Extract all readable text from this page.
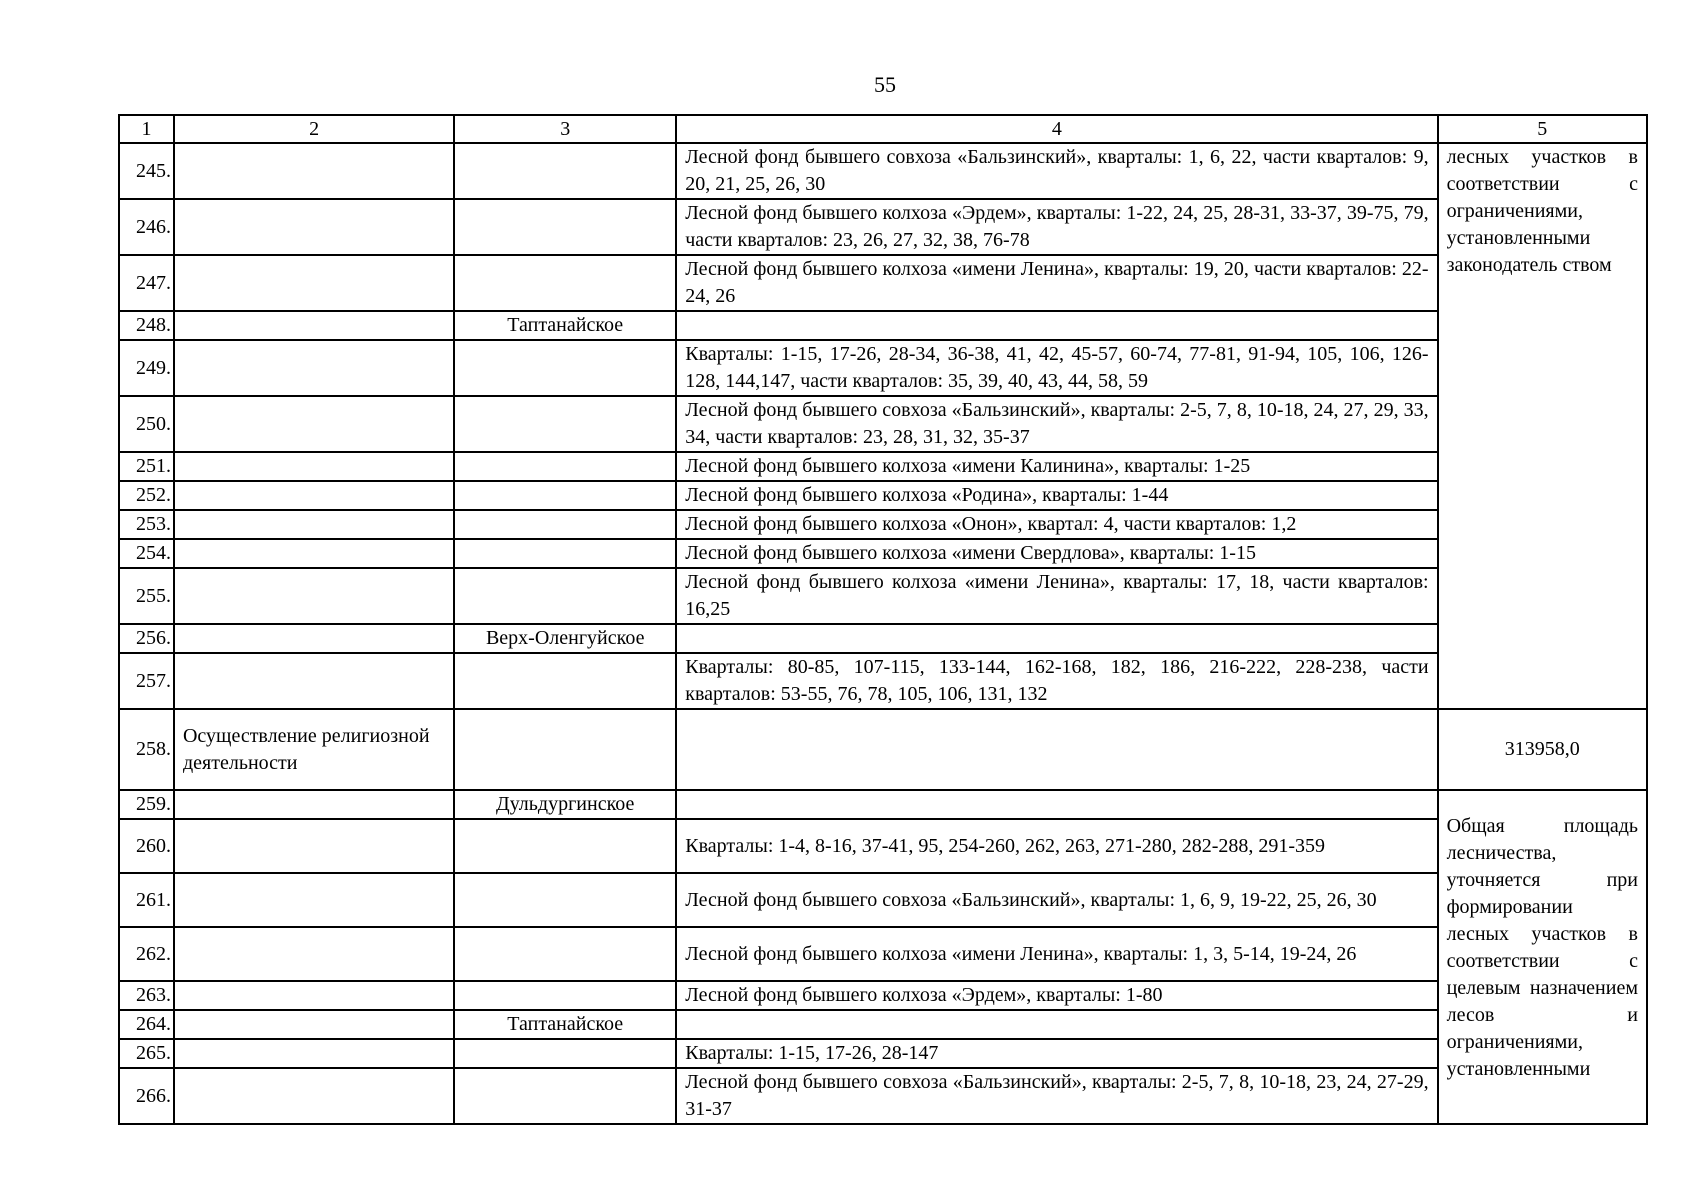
55
1	2	3	4	5
245.			Лесной фонд бывшего совхоза «Бальзинский», кварталы: 1, 6, 22, части кварталов: 9, 20, 21, 25, 26, 30	лесных участков в соответствии с ограничениями, установленными законодатель ством
246.			Лесной фонд бывшего колхоза «Эрдем», кварталы: 1-22, 24, 25, 28-31, 33-37, 39-75, 79, части кварталов: 23, 26, 27, 32, 38, 76-78	
247.			Лесной фонд бывшего колхоза «имени Ленина», кварталы: 19, 20, части кварталов: 22-24, 26	
248.		Таптанайское		
249.			Кварталы: 1-15, 17-26, 28-34, 36-38, 41, 42, 45-57, 60-74, 77-81, 91-94, 105, 106, 126-128, 144,147, части кварталов: 35, 39, 40, 43, 44, 58, 59	
250.			Лесной фонд бывшего совхоза «Бальзинский», кварталы: 2-5, 7, 8, 10-18, 24, 27, 29, 33, 34, части кварталов: 23, 28, 31, 32, 35-37	
251.			Лесной фонд бывшего колхоза «имени Калинина», кварталы: 1-25	
252.			Лесной фонд бывшего колхоза «Родина», кварталы: 1-44	
253.			Лесной фонд бывшего колхоза «Онон», квартал: 4, части кварталов: 1,2	
254.			Лесной фонд бывшего колхоза «имени Свердлова», кварталы: 1-15	
255.			Лесной фонд бывшего колхоза «имени Ленина», кварталы: 17, 18, части кварталов: 16,25	
256.		Верх-Оленгуйское		
257.			Кварталы: 80-85, 107-115, 133-144, 162-168, 182, 186, 216-222, 228-238, части кварталов: 53-55, 76, 78, 105, 106, 131, 132	
258.	Осуществление религиозной деятельности			313958,0
259.		Дульдургинское		Общая площадь лесничества, уточняется при формировании лесных участков в соответствии с целевым назначением лесов и ограничениями, установленными
260.			Кварталы: 1-4, 8-16, 37-41, 95, 254-260, 262, 263, 271-280, 282-288, 291-359	
261.			Лесной фонд бывшего совхоза «Бальзинский», кварталы: 1, 6, 9, 19-22, 25, 26, 30	
262.			Лесной фонд бывшего колхоза «имени Ленина», кварталы: 1, 3, 5-14, 19-24, 26	
263.			Лесной фонд бывшего колхоза «Эрдем», кварталы: 1-80	
264.		Таптанайское		
265.			Кварталы: 1-15, 17-26, 28-147	
266.			Лесной фонд бывшего совхоза «Бальзинский», кварталы: 2-5, 7, 8, 10-18, 23, 24, 27-29, 31-37	
